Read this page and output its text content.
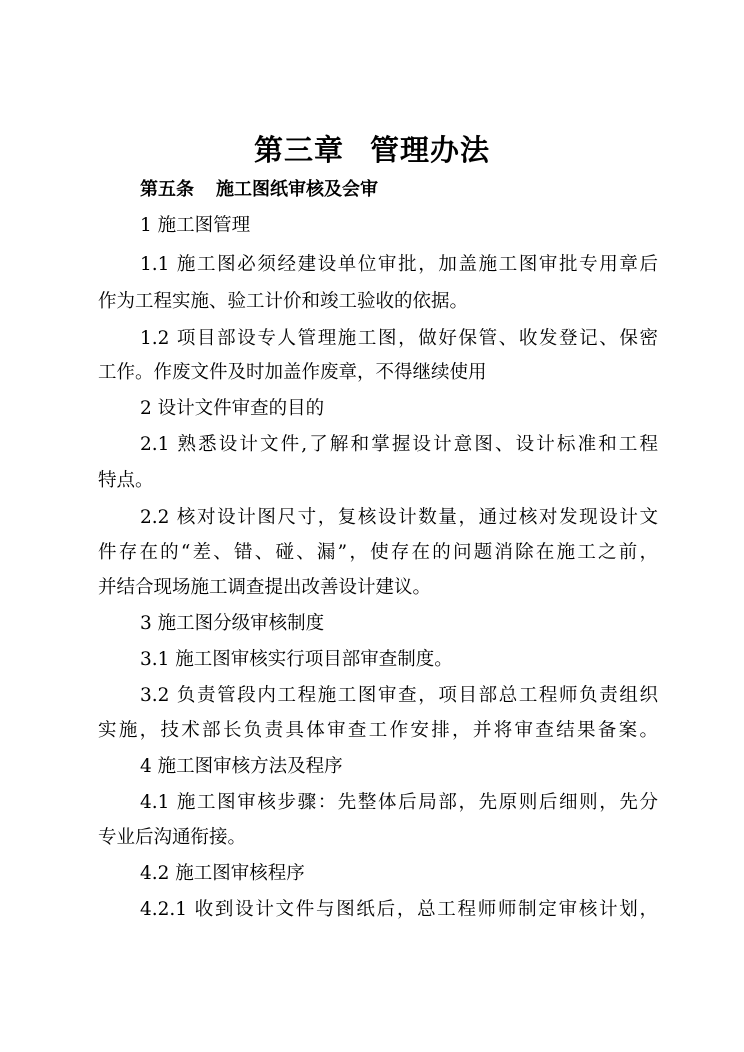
第三章 管理办法
第五条 施工图纸审核及会审
1 施工图管理
1.1 施工图必须经建设单位审批，加盖施工图审批专用章后
作为工程实施、验工计价和竣工验收的依据。
1.2 项目部设专人管理施工图，做好保管、收发登记、保密
工作。作废文件及时加盖作废章，不得继续使用
2 设计文件审查的目的
2.1 熟悉设计文件,了解和掌握设计意图、设计标准和工程
特点。
2.2 核对设计图尺寸，复核设计数量，通过核对发现设计文
件存在的“差、错、碰、漏”，使存在的问题消除在施工之前，
并结合现场施工调查提出改善设计建议。
3 施工图分级审核制度
3.1 施工图审核实行项目部审查制度。
3.2 负责管段内工程施工图审查，项目部总工程师负责组织
实施，技术部长负责具体审查工作安排，并将审查结果备案。
4 施工图审核方法及程序
4.1 施工图审核步骤：先整体后局部，先原则后细则，先分
专业后沟通衔接。
4.2 施工图审核程序
4.2.1 收到设计文件与图纸后，总工程师师制定审核计划，
